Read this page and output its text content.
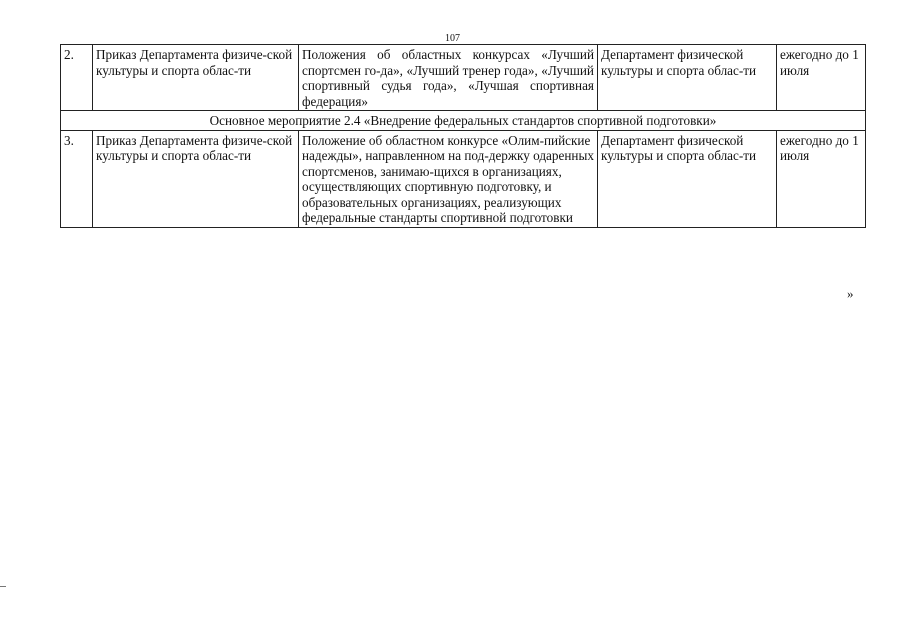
107
2.	Приказ Департамента физиче-ской культуры и спорта облас-ти	Положения об областных конкурсах «Лучший спортсмен го-да», «Лучший тренер года», «Лучший спортивный судья года», «Лучшая спортивная федерация»	Департамент физической культуры и спорта облас-ти	ежегодно до 1 июля
Основное мероприятие 2.4 «Внедрение федеральных стандартов спортивной подготовки»				
3.	Приказ Департамента физиче-ской культуры и спорта облас-ти	Положение об областном конкурсе «Олим-пийские надежды», направленном на под-держку одаренных спортсменов, занимаю-щихся в организациях, осуществляющих спортивную подготовку, и образовательных организациях, реализующих федеральные стандарты спортивной подготовки	Департамент физической культуры и спорта облас-ти	ежегодно до 1 июля
»
